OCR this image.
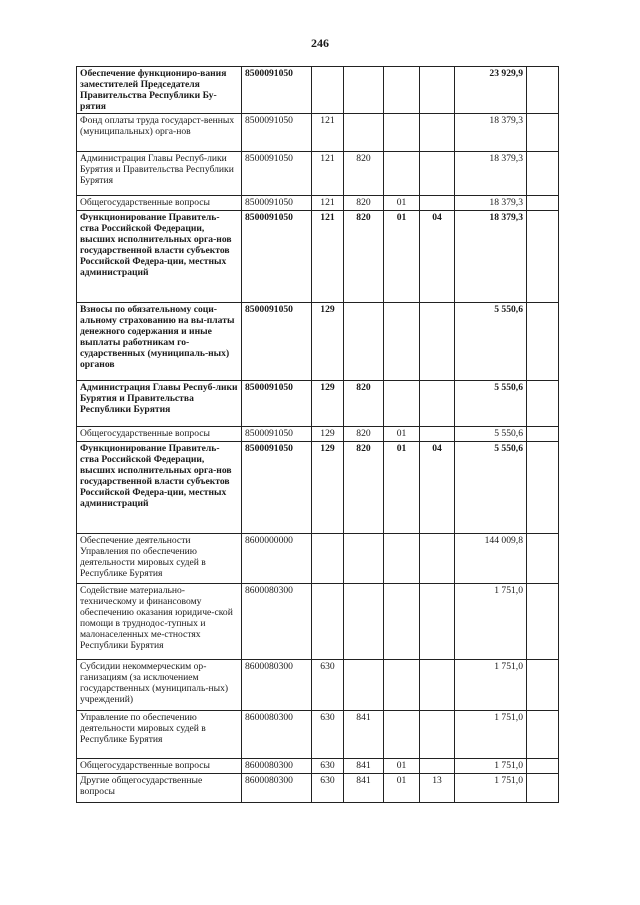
246
Обеспечение функциониро-вания заместителей Председателя Правительства Республики Бу-рятия	8500091050					23 929,9	
Фонд оплаты труда государст-венных (муниципальных) орга-нов	8500091050	121				18 379,3	
Администрация Главы Респуб-лики Бурятия и Правительства Республики Бурятия	8500091050	121	820			18 379,3	
Общегосударственные вопросы	8500091050	121	820	01		18 379,3	
Функционирование Правитель-ства Российской Федерации, высших исполнительных орга-нов государственной власти субъектов Российской Федера-ции, местных администраций	8500091050	121	820	01	04	18 379,3	
Взносы по обязательному соци-альному страхованию на вы-платы денежного содержания и иные выплаты работникам го-сударственных (муниципаль-ных) органов	8500091050	129				5 550,6	
Администрация Главы Респуб-лики Бурятия и Правительства Республики Бурятия	8500091050	129	820			5 550,6	
Общегосударственные вопросы	8500091050	129	820	01		5 550,6	
Функционирование Правитель-ства Российской Федерации, высших исполнительных орга-нов государственной власти субъектов Российской Федера-ции, местных администраций	8500091050	129	820	01	04	5 550,6	
Обеспечение деятельности Управления по обеспечению деятельности мировых судей в Республике Бурятия	8600000000					144 009,8	
Содействие материально-техническому и финансовому обеспечению оказания юридиче-ской помощи в труднодос-тупных и малонаселенных ме-стностях Республики Бурятия	8600080300					1 751,0	
Субсидии некоммерческим ор-ганизациям (за исключением государственных (муниципаль-ных) учреждений)	8600080300	630				1 751,0	
Управление по обеспечению деятельности мировых судей в Республике Бурятия	8600080300	630	841			1 751,0	
Общегосударственные вопросы	8600080300	630	841	01		1 751,0	
Другие общегосударственные вопросы	8600080300	630	841	01	13	1 751,0	
